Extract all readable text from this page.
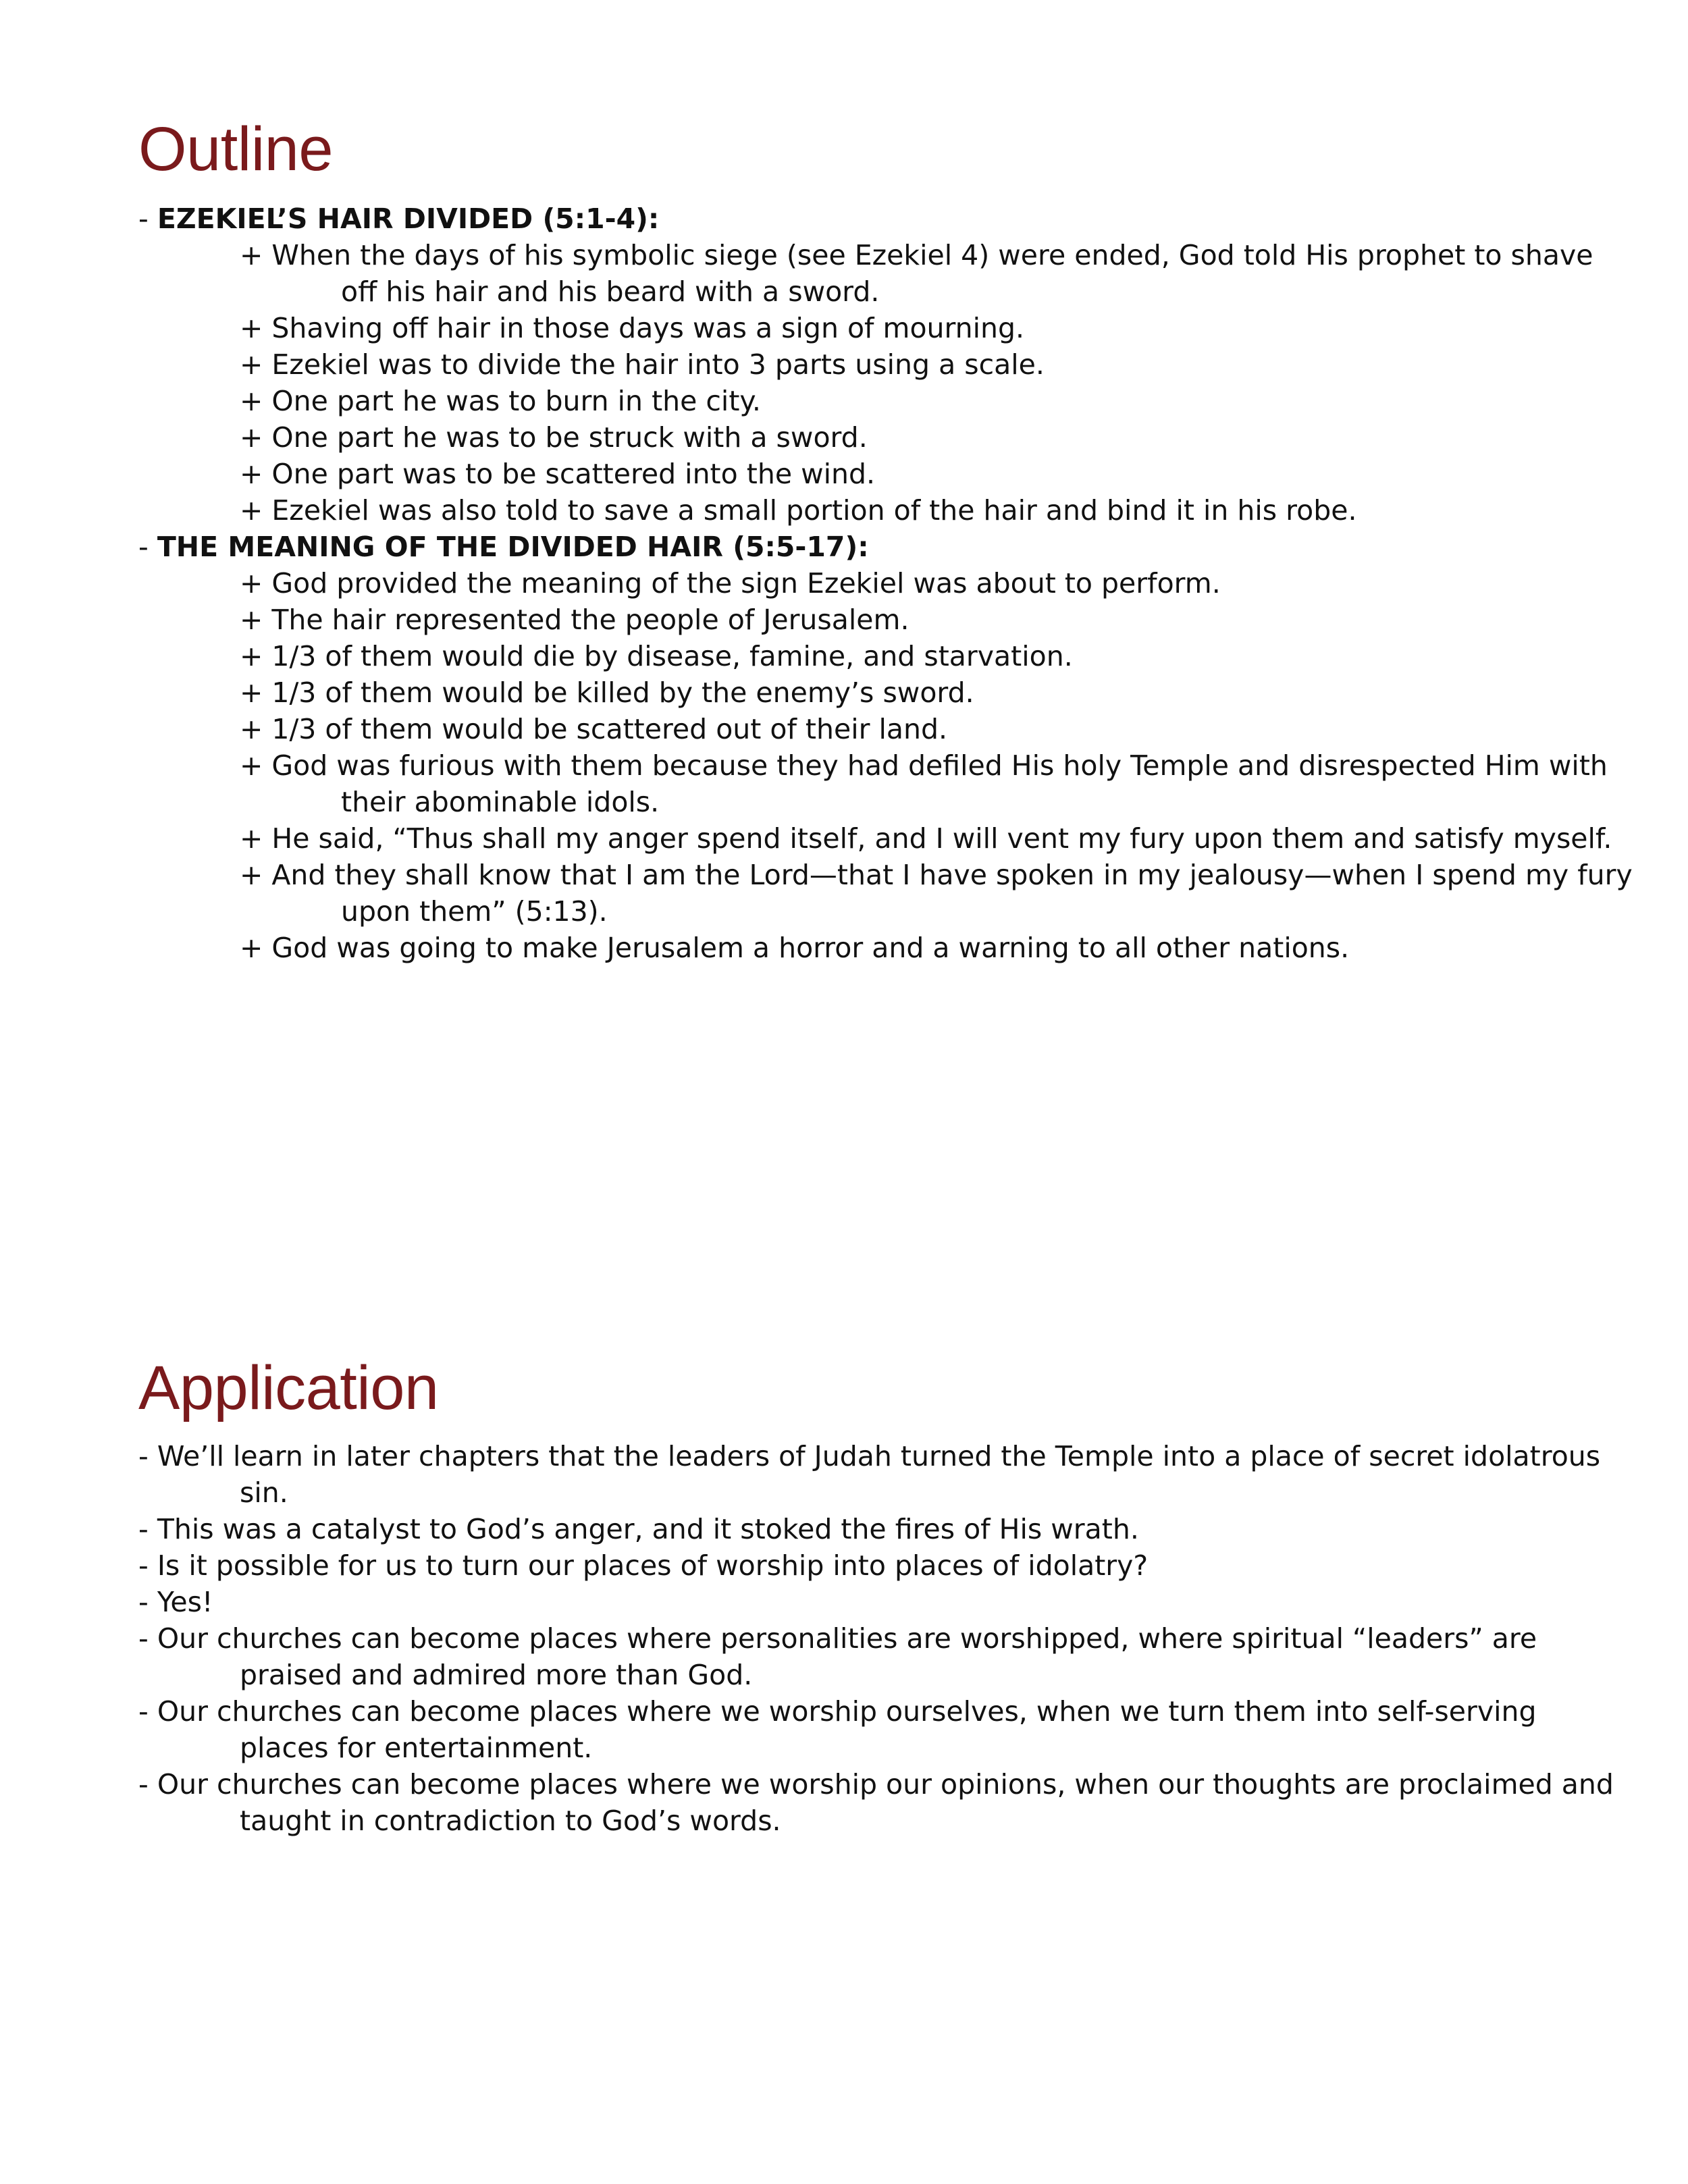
Outline
- EZEKIEL’S HAIR DIVIDED (5:1-4):
+ When the days of his symbolic siege (see Ezekiel 4) were ended, God told His prophet to shave
off his hair and his beard with a sword.
+ Shaving off hair in those days was a sign of mourning.
+ Ezekiel was to divide the hair into 3 parts using a scale.
+ One part he was to burn in the city.
+ One part he was to be struck with a sword.
+ One part was to be scattered into the wind.
+ Ezekiel was also told to save a small portion of the hair and bind it in his robe.
- THE MEANING OF THE DIVIDED HAIR (5:5-17):
+ God provided the meaning of the sign Ezekiel was about to perform.
+ The hair represented the people of Jerusalem.
+ 1/3 of them would die by disease, famine, and starvation.
+ 1/3 of them would be killed by the enemy’s sword.
+ 1/3 of them would be scattered out of their land.
+ God was furious with them because they had defiled His holy Temple and disrespected Him with
their abominable idols.
+ He said, “Thus shall my anger spend itself, and I will vent my fury upon them and satisfy myself.
+ And they shall know that I am the Lord—that I have spoken in my jealousy—when I spend my fury
upon them” (5:13).
+ God was going to make Jerusalem a horror and a warning to all other nations.
Application
- We’ll learn in later chapters that the leaders of Judah turned the Temple into a place of secret idolatrous
sin.
- This was a catalyst to God’s anger, and it stoked the fires of His wrath.
- Is it possible for us to turn our places of worship into places of idolatry?
- Yes!
- Our churches can become places where personalities are worshipped, where spiritual “leaders” are
praised and admired more than God.
- Our churches can become places where we worship ourselves, when we turn them into self-serving
places for entertainment.
- Our churches can become places where we worship our opinions, when our thoughts are proclaimed and
taught in contradiction to God’s words.
